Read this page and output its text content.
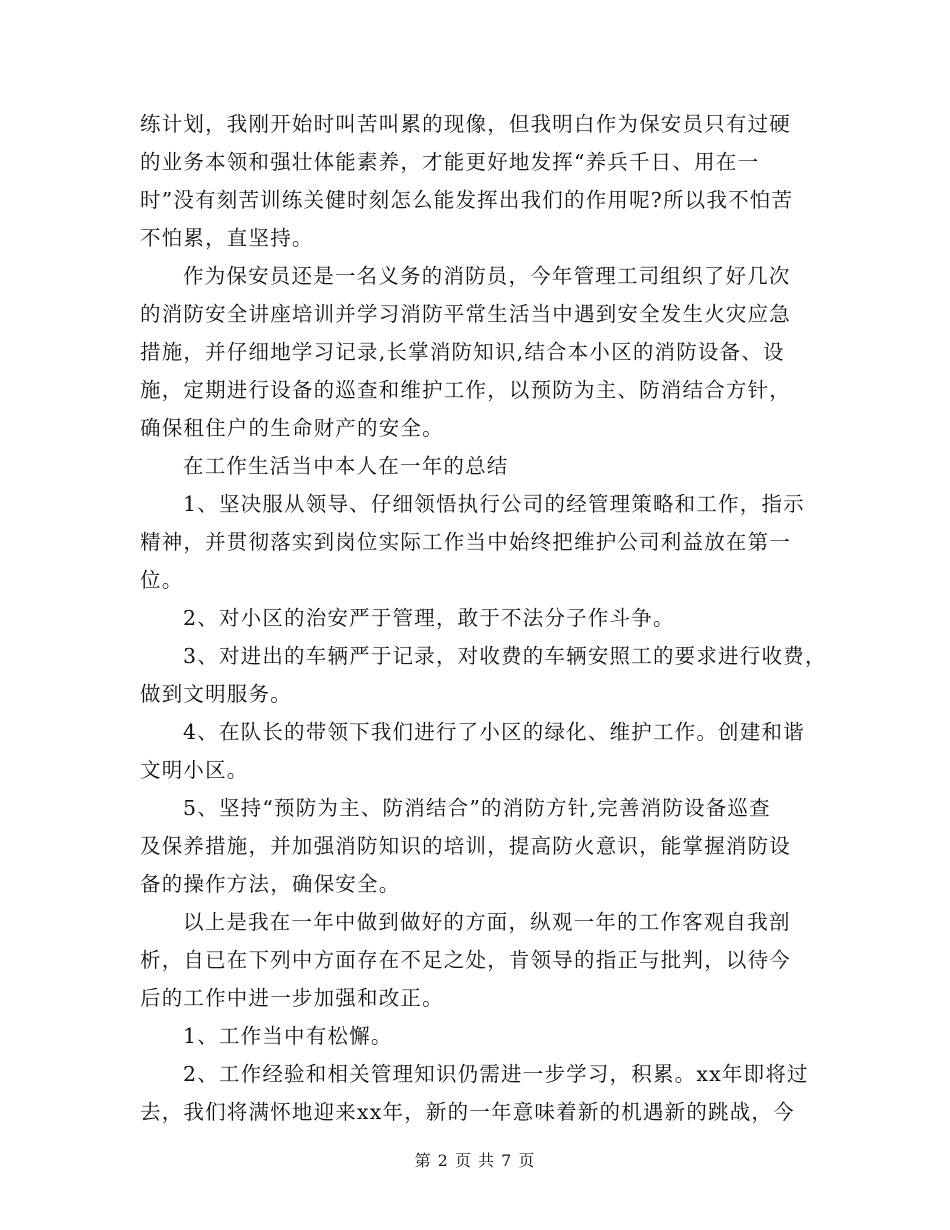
练计划，我刚开始时叫苦叫累的现像，但我明白作为保安员只有过硬
的业务本领和强壮体能素养，才能更好地发挥“养兵千日、用在一
时”没有刻苦训练关健时刻怎么能发挥出我们的作用呢?所以我不怕苦
不怕累，直坚持。
作为保安员还是一名义务的消防员，今年管理工司组织了好几次
的消防安全讲座培训并学习消防平常生活当中遇到安全发生火灾应急
措施，并仔细地学习记录,长掌消防知识,结合本小区的消防设备、设
施，定期进行设备的巡查和维护工作，以预防为主、防消结合方针，
确保租住户的生命财产的安全。
在工作生活当中本人在一年的总结
1、坚决服从领导、仔细领悟执行公司的经管理策略和工作，指示
精神，并贯彻落实到岗位实际工作当中始终把维护公司利益放在第一
位。
2、对小区的治安严于管理，敢于不法分子作斗争。
3、对进出的车辆严于记录，对收费的车辆安照工的要求进行收费，
做到文明服务。
4、在队长的带领下我们进行了小区的绿化、维护工作。创建和谐
文明小区。
5、坚持“预防为主、防消结合”的消防方针,完善消防设备巡查
及保养措施，并加强消防知识的培训，提高防火意识，能掌握消防设
备的操作方法，确保安全。
以上是我在一年中做到做好的方面，纵观一年的工作客观自我剖
析，自已在下列中方面存在不足之处，肯领导的指正与批判，以待今
后的工作中进一步加强和改正。
1、工作当中有松懈。
2、工作经验和相关管理知识仍需进一步学习，积累。xx年即将过
去，我们将满怀地迎来xx年，新的一年意味着新的机遇新的跳战，今
第 2 页 共 7 页
